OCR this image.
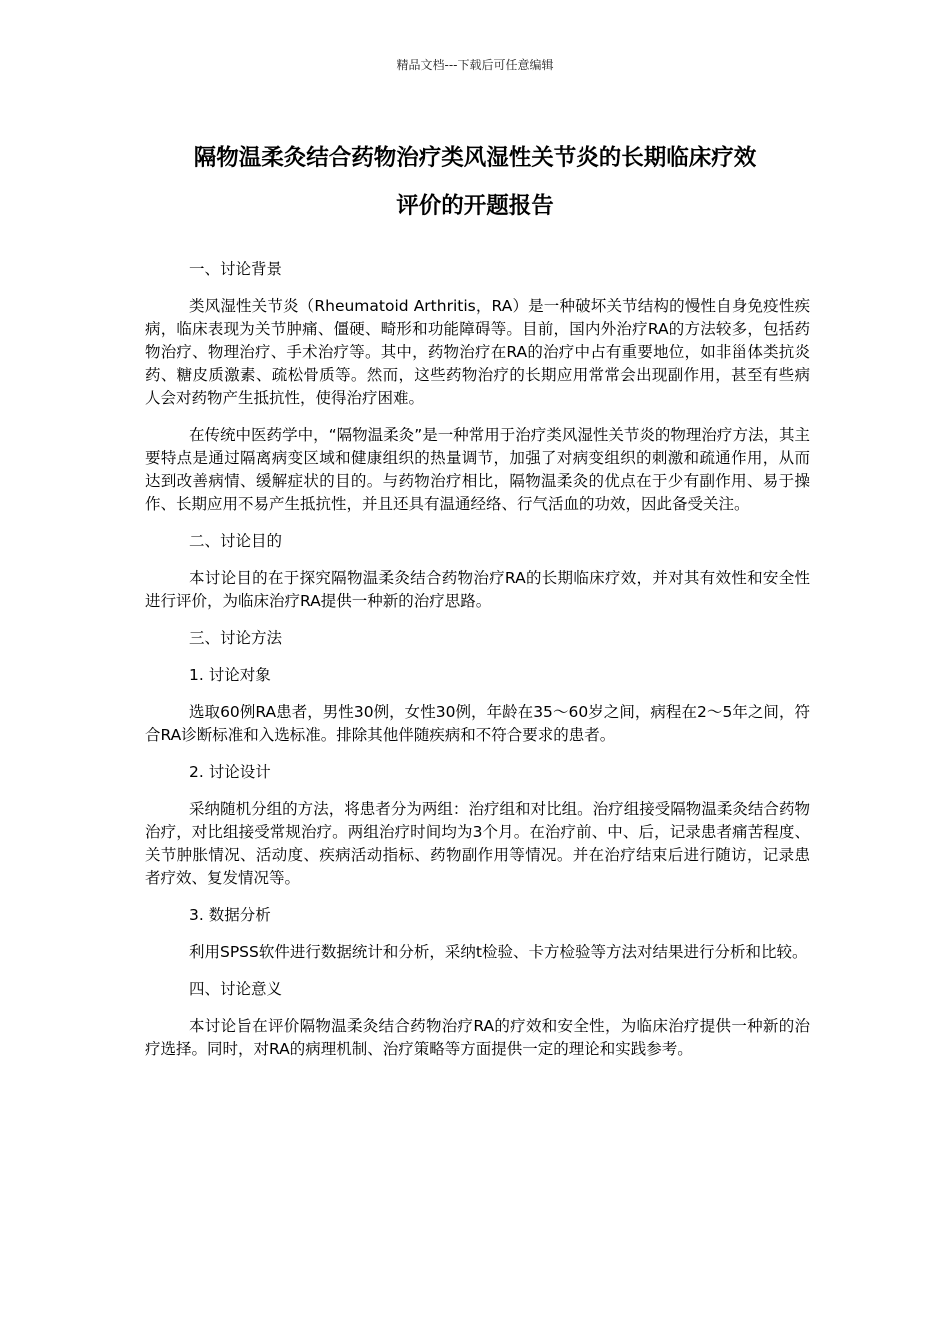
精品文档---下载后可任意编辑
隔物温柔灸结合药物治疗类风湿性关节炎的长期临床疗效
评价的开题报告

一、讨论背景

类风湿性关节炎（Rheumatoid Arthritis，RA）是一种破坏关节结构的慢性自身免疫性疾病，临床表现为关节肿痛、僵硬、畸形和功能障碍等。目前，国内外治疗RA的方法较多，包括药物治疗、物理治疗、手术治疗等。其中，药物治疗在RA的治疗中占有重要地位，如非甾体类抗炎药、糖皮质激素、疏松骨质等。然而，这些药物治疗的长期应用常常会出现副作用，甚至有些病人会对药物产生抵抗性，使得治疗困难。

在传统中医药学中，“隔物温柔灸”是一种常用于治疗类风湿性关节炎的物理治疗方法，其主要特点是通过隔离病变区域和健康组织的热量调节，加强了对病变组织的刺激和疏通作用，从而达到改善病情、缓解症状的目的。与药物治疗相比，隔物温柔灸的优点在于少有副作用、易于操作、长期应用不易产生抵抗性，并且还具有温通经络、行气活血的功效，因此备受关注。

二、讨论目的

本讨论目的在于探究隔物温柔灸结合药物治疗RA的长期临床疗效，并对其有效性和安全性进行评价，为临床治疗RA提供一种新的治疗思路。

三、讨论方法

1. 讨论对象

选取60例RA患者，男性30例，女性30例，年龄在35～60岁之间，病程在2～5年之间，符合RA诊断标准和入选标准。排除其他伴随疾病和不符合要求的患者。

2. 讨论设计

采纳随机分组的方法，将患者分为两组：治疗组和对比组。治疗组接受隔物温柔灸结合药物治疗，对比组接受常规治疗。两组治疗时间均为3个月。在治疗前、中、后，记录患者痛苦程度、关节肿胀情况、活动度、疾病活动指标、药物副作用等情况。并在治疗结束后进行随访，记录患者疗效、复发情况等。

3. 数据分析

利用SPSS软件进行数据统计和分析，采纳t检验、卡方检验等方法对结果进行分析和比较。

四、讨论意义

本讨论旨在评价隔物温柔灸结合药物治疗RA的疗效和安全性，为临床治疗提供一种新的治疗选择。同时，对RA的病理机制、治疗策略等方面提供一定的理论和实践参考。
